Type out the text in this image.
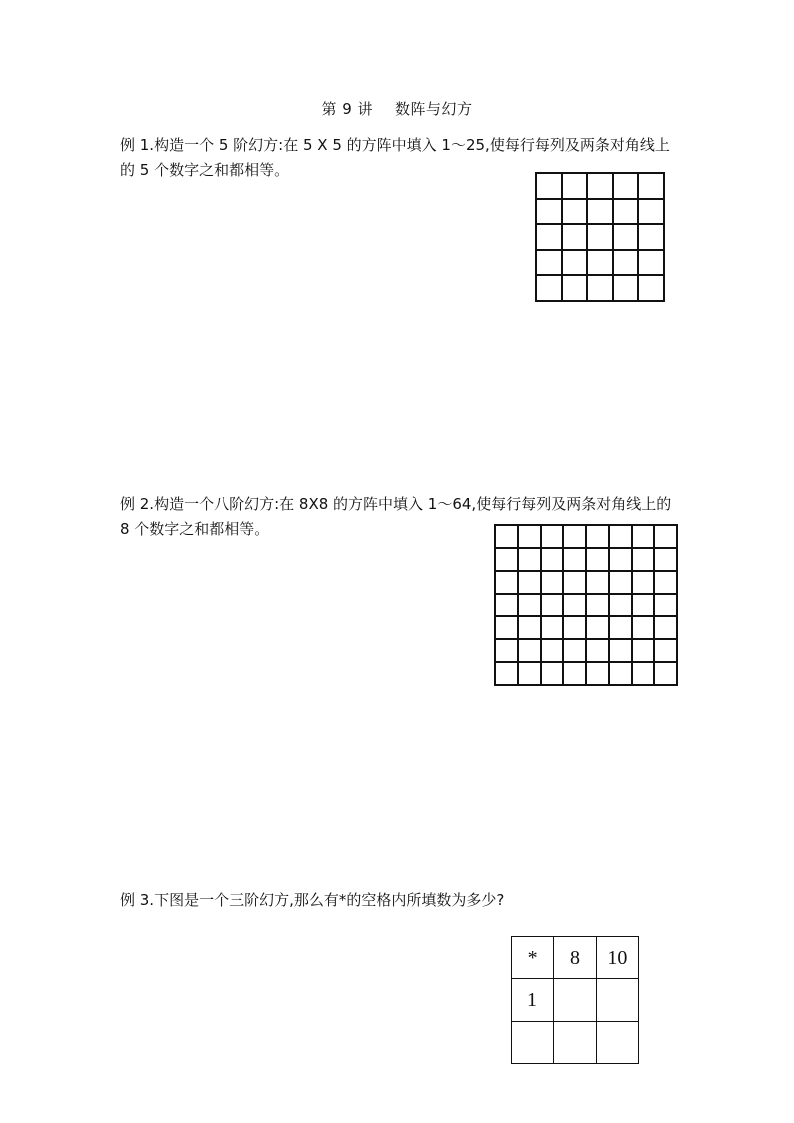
第 9 讲 数阵与幻方
例 1.构造一个 5 阶幻方:在 5 X 5 的方阵中填入 1～25,使每行每列及两条对角线上的 5 个数字之和都相等。
例 2.构造一个八阶幻方:在 8X8 的方阵中填入 1～64,使每行每列及两条对角线上的 8 个数字之和都相等。
例 3.下图是一个三阶幻方,那么有*的空格内所填数为多少?
*	8	10
1
